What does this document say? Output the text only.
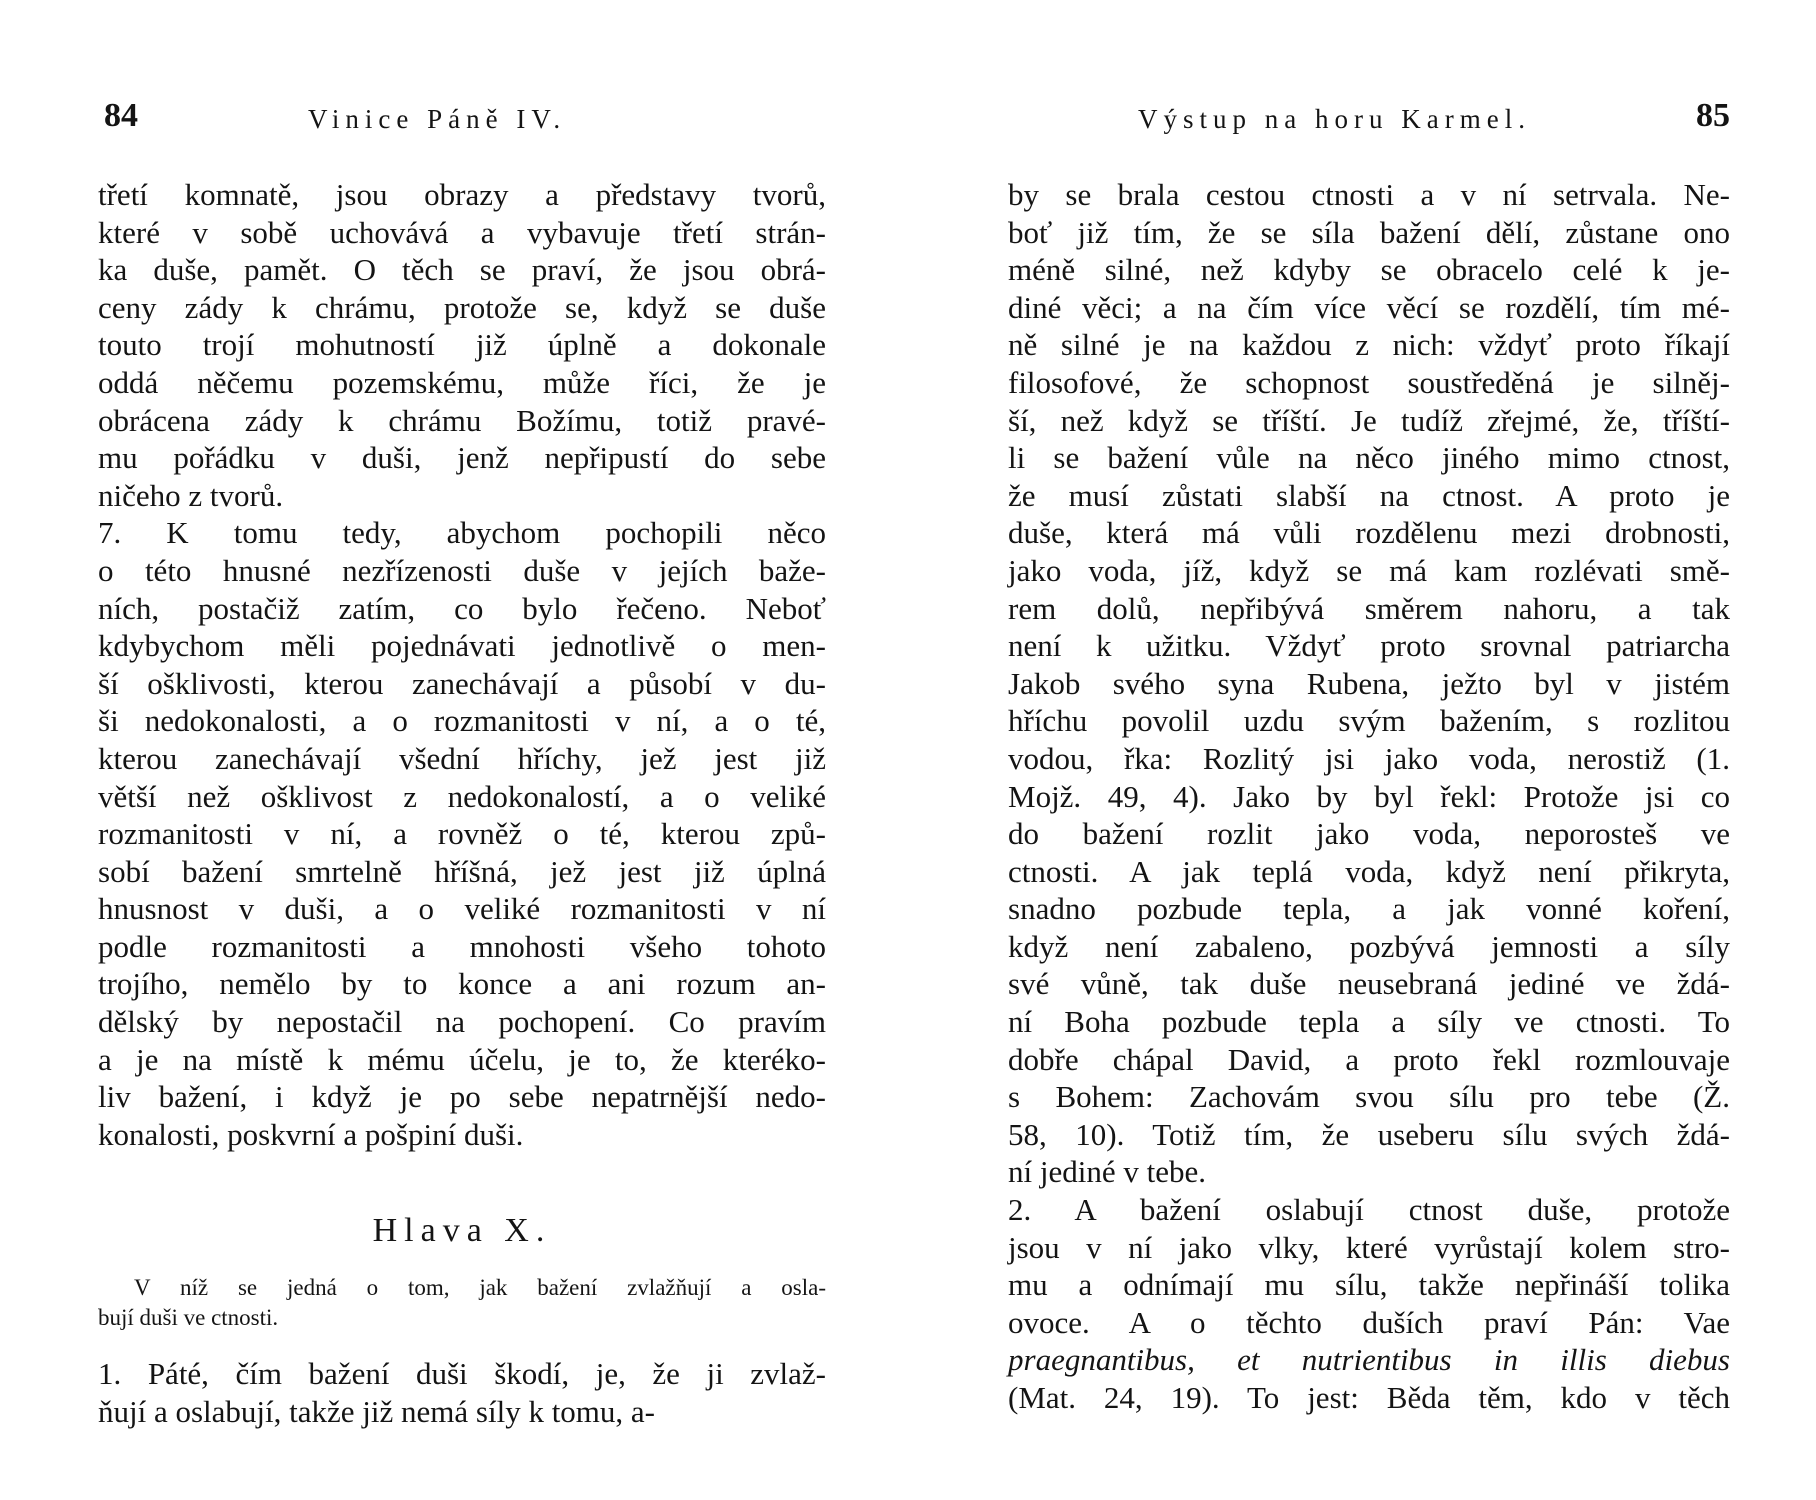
84	Vinice Páně IV.
třetí komnatě, jsou obrazy a představy tvorů,
které v sobě uchovává a vybavuje třetí strán-
ka duše, pamět. O těch se praví, že jsou obrá-
ceny zády k chrámu, protože se, když se duše
touto trojí mohutností již úplně a dokonale
oddá něčemu pozemskému, může říci, že je
obrácena zády k chrámu Božímu, totiž pravé-
mu pořádku v duši, jenž nepřipustí do sebe
ničeho z tvorů.
7. K tomu tedy, abychom pochopili něco
o této hnusné nezřízenosti duše v jejích baže-
ních, postačiž zatím, co bylo řečeno. Neboť
kdybychom měli pojednávati jednotlivě o men-
ší ošklivosti, kterou zanechávají a působí v du-
ši nedokonalosti, a o rozmanitosti v ní, a o té,
kterou zanechávají všední hříchy, jež jest již
větší než ošklivost z nedokonalostí, a o veliké
rozmanitosti v ní, a rovněž o té, kterou způ-
sobí bažení smrtelně hříšná, jež jest již úplná
hnusnost v duši, a o veliké rozmanitosti v ní
podle rozmanitosti a mnohosti všeho tohoto
trojího, nemělo by to konce a ani rozum an-
dělský by nepostačil na pochopení. Co pravím
a je na místě k mému účelu, je to, že kteréko-
liv bažení, i když je po sebe nepatrnější nedo-
konalosti, poskvrní a pošpiní duši.
Hlava X.
V níž se jedná o tom, jak bažení zvlažňují a osla-
bují duši ve ctnosti.
1. Páté, čím bažení duši škodí, je, že ji zvlaž-
ňují a oslabují, takže již nemá síly k tomu, a-
Výstup na horu Karmel.	85
by se brala cestou ctnosti a v ní setrvala. Ne-
boť již tím, že se síla bažení dělí, zůstane ono
méně silné, než kdyby se obracelo celé k je-
diné věci; a na čím více věcí se rozdělí, tím mé-
ně silné je na každou z nich: vždyť proto říkají
filosofové, že schopnost soustředěná je silněj-
ší, než když se tříští. Je tudíž zřejmé, že, tříští-
li se bažení vůle na něco jiného mimo ctnost,
že musí zůstati slabší na ctnost. A proto je
duše, která má vůli rozdělenu mezi drobnosti,
jako voda, jíž, když se má kam rozlévati smě-
rem dolů, nepřibývá směrem nahoru, a tak
není k užitku. Vždyť proto srovnal patriarcha
Jakob svého syna Rubena, ježto byl v jistém
hříchu povolil uzdu svým bažením, s rozlitou
vodou, řka: Rozlitý jsi jako voda, nerostiž (1.
Mojž. 49, 4). Jako by byl řekl: Protože jsi co
do bažení rozlit jako voda, neporosteš ve
ctnosti. A jak teplá voda, když není přikryta,
snadno pozbude tepla, a jak vonné koření,
když není zabaleno, pozbývá jemnosti a síly
své vůně, tak duše neusebraná jediné ve ždá-
ní Boha pozbude tepla a síly ve ctnosti. To
dobře chápal David, a proto řekl rozmlouvaje
s Bohem: Zachovám svou sílu pro tebe (Ž.
58, 10). Totiž tím, že useberu sílu svých ždá-
ní jediné v tebe.
2. A bažení oslabují ctnost duše, protože
jsou v ní jako vlky, které vyrůstají kolem stro-
mu a odnímají mu sílu, takže nepřináší tolika
ovoce. A o těchto duších praví Pán: Vae
praegnantibus, et nutrientibus in illis diebus
(Mat. 24, 19). To jest: Běda těm, kdo v těch
